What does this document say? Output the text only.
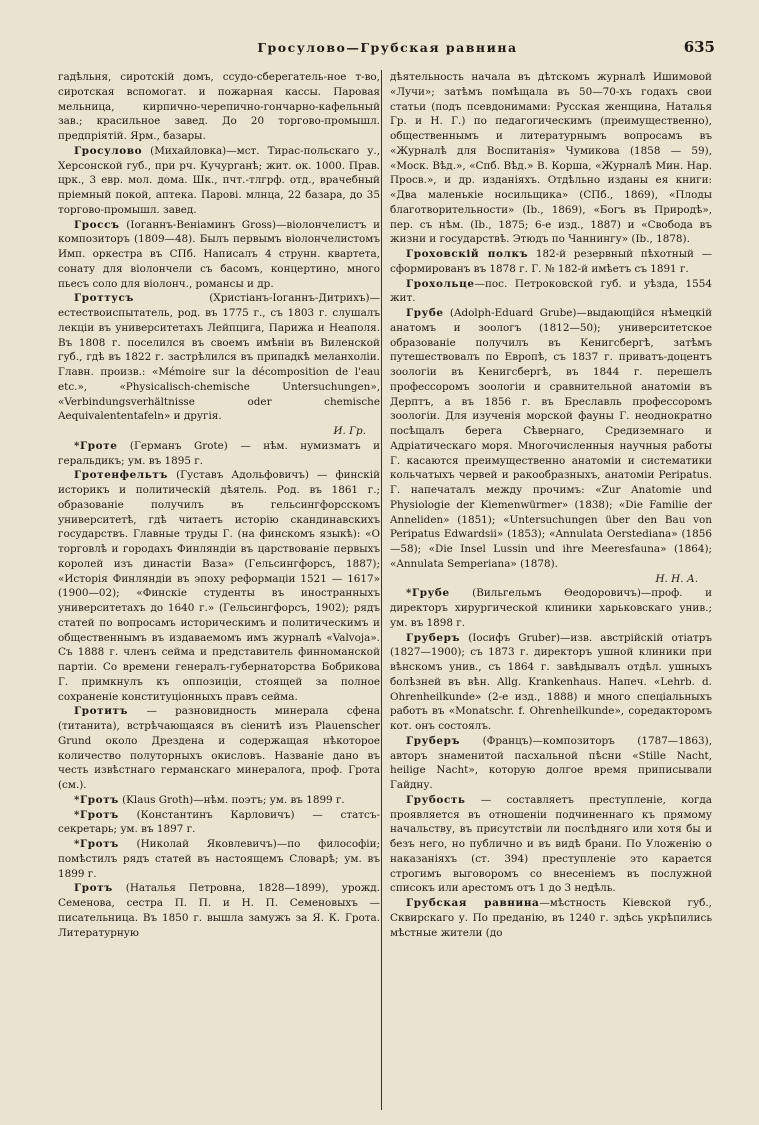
Гросулово—Грубская равнина	635

гадѣльня, сиротскій домъ, ссудо-сберегатель-ное т-во, сиротская вспомогат. и пожарная кассы. Паровая мельница, кирпично-черепично-гончарно-кафельный зав.; красильное завед. До 20 торгово-промышл. предпріятій. Ярм., базары.

Гросулово (Михайловка)—мст. Тирас-польскаго у., Херсонской губ., при рч. Кучурганѣ; жит. ок. 1000. Прав. црк., 3 евр. мол. дома. Шк., пчт.-тлгрф. отд., врачебный пріемный покой, аптека. Парові. млнца, 22 базара, до 35 торгово-промышл. завед.

Гроссъ (Іоганнъ-Веніаминъ Gross)—віолончелистъ и композиторъ (1809—48). Былъ первымъ віолончелистомъ Имп. оркестра въ СПб. Написалъ 4 струнн. квартета, сонату для віолончели съ басомъ, концертино, много пьесъ соло для віолонч., романсы и др.

Гроттусъ (Христіанъ-Іоганнъ-Дитрихъ)—естествоиспытатель, род. въ 1775 г., съ 1803 г. слушалъ лекціи въ университетахъ Лейпцига, Парижа и Неаполя. Въ 1808 г. поселился въ своемъ имѣніи въ Виленской губ., гдѣ въ 1822 г. застрѣлился въ припадкѣ меланхоліи. Главн. произв.: «Mémoire sur la décomposition de l'eau etc.», «Physicalisch-chemische Untersuchungen», «Verbindungsverhältnisse oder chemische Aequivalententafeln» и другія.
И. Гр.

*Гроте (Германъ Grote) — нѣм. нумизматъ и геральдикъ; ум. въ 1895 г.

Гротенфельтъ (Густавъ Адольфовичъ) — финскій историкъ и политическій дѣятель. Род. въ 1861 г.; образованіе получилъ въ гельсингфорсскомъ университетѣ, гдѣ читаетъ исторію скандинавскихъ государствъ. Главные труды Г. (на финскомъ языкѣ): «О торговлѣ и городахъ Финляндіи въ царствованіе первыхъ королей изъ династіи Ваза» (Гельсингфорсъ, 1887); «Исторія Финляндіи въ эпоху реформаціи 1521 — 1617» (1900—02); «Финскіе студенты въ иностранныхъ университетахъ до 1640 г.» (Гельсингфорсъ, 1902); рядъ статей по вопросамъ историческимъ и политическимъ и общественнымъ въ издаваемомъ имъ журналѣ «Valvoja». Съ 1888 г. членъ сейма и представитель финноманской партіи. Со времени генералъ-губернаторства Бобрикова Г. примкнулъ къ оппозиціи, стоящей за полное сохраненіе конституціонныхъ правъ сейма.

Гротитъ — разновидность минерала сфена (титанита), встрѣчающаяся въ сіенитѣ изъ Plauenscher Grund около Дрездена и содержащая нѣкоторое количество полуторныхъ окисловъ. Названіе дано въ честь извѣстнаго германскаго минералога, проф. Грота (см.).

*Гротъ (Klaus Groth)—нѣм. поэтъ; ум. въ 1899 г.

*Гротъ (Константинъ Карловичъ) — статсъ-секретарь; ум. въ 1897 г.

*Гротъ (Николай Яковлевичъ)—по философіи; помѣстилъ рядъ статей въ настоящемъ Словарѣ; ум. въ 1899 г.

Гротъ (Наталья Петровна, 1828—1899), урожд. Семенова, сестра П. П. и Н. П. Семеновыхъ — писательница. Въ 1850 г. вышла замужъ за Я. К. Грота. Литературную

дѣятельность начала въ дѣтскомъ журналѣ Ишимовой «Лучи»; затѣмъ помѣщала въ 50—70-хъ годахъ свои статьи (подъ псевдонимами: Русская женщина, Наталья Гр. и Н. Г.) по педагогическимъ (преимущественно), общественнымъ и литературнымъ вопросамъ въ «Журналѣ для Воспитанія» Чумикова (1858 — 59), «Моск. Вѣд.», «Спб. Вѣд.» В. Корша, «Журналѣ Мин. Нар. Просв.», и др. изданіяхъ. Отдѣльно изданы ея книги: «Два маленькіе носильщика» (СПб., 1869), «Плоды благотворительности» (Ib., 1869), «Богъ въ Природѣ», пер. съ нѣм. (Ib., 1875; 6-е изд., 1887) и «Свобода въ жизни и государствѣ. Этюдъ по Чаннингу» (Ib., 1878).

Гроховскій полкъ 182-й резервный пѣхотный —сформированъ въ 1878 г. Г. № 182-й имѣетъ съ 1891 г.

Грохольце—пос. Петроковской губ. и уѣзда, 1554 жит.

Грубе (Adolph-Eduard Grube)—выдающійся нѣмецкій анатомъ и зоологъ (1812—50); университетское образованіе получилъ въ Кенигсбергѣ, затѣмъ путешествовалъ по Европѣ, съ 1837 г. приватъ-доцентъ зоологіи въ Кенигсбергѣ, въ 1844 г. перешелъ профессоромъ зоологіи и сравнительной анатоміи въ Дерптъ, а въ 1856 г. въ Бреславль профессоромъ зоологіи. Для изученія морской фауны Г. неоднократно посѣщалъ берега Сѣвернаго, Средиземнаго и Адріатическаго моря. Многочисленныя научныя работы Г. касаются преимущественно анатоміи и систематики кольчатыхъ червей и ракообразныхъ, анатоміи Peripatus. Г. напечаталъ между прочимъ: «Zur Anatomie und Physiologie der Kiemenwürmer» (1838); «Die Familie der Anneliden» (1851); «Untersuchungen über den Bau von Peripatus Edwardsii» (1853); «Annulata Oerstediana» (1856—58); «Die Insel Lussin und ihre Meeresfauna» (1864); «Annulata Semperiana» (1878).
Н. Н. А.

*Грубе (Вильгельмъ Ѳеодоровичъ)—проф. и директоръ хирургической клиники харьковскаго унив.; ум. въ 1898 г.

Груберъ (Іосифъ Gruber)—изв. австрійскій отіатръ (1827—1900); съ 1873 г. директоръ ушной клиники при вѣнскомъ унив., съ 1864 г. завѣдывалъ отдѣл. ушныхъ болѣзней въ вѣн. Allg. Krankenhaus. Напеч. «Lehrb. d. Ohrenheilkunde» (2-е изд., 1888) и много спеціальныхъ работъ въ «Monatschr. f. Ohrenheilkunde», соредакторомъ кот. онъ состоялъ.

Груберъ (Францъ)—композиторъ (1787—1863), авторъ знаменитой пасхальной пѣсни «Stille Nacht, heilige Nacht», которую долгое время приписывали Гайдну.

Грубость — составляетъ преступленіе, когда проявляется въ отношеніи подчиненнаго къ прямому начальству, въ присутствіи ли послѣдняго или хотя бы и безъ него, но публично и въ видѣ брани. По Уложенію о наказаніяхъ (ст. 394) преступленіе это карается строгимъ выговоромъ со внесеніемъ въ послужной списокъ или арестомъ отъ 1 до 3 недѣль.

Грубская равнина—мѣстность Кіевской губ., Сквирскаго у. По преданію, въ 1240 г. здѣсь укрѣпились мѣстные жители (до
